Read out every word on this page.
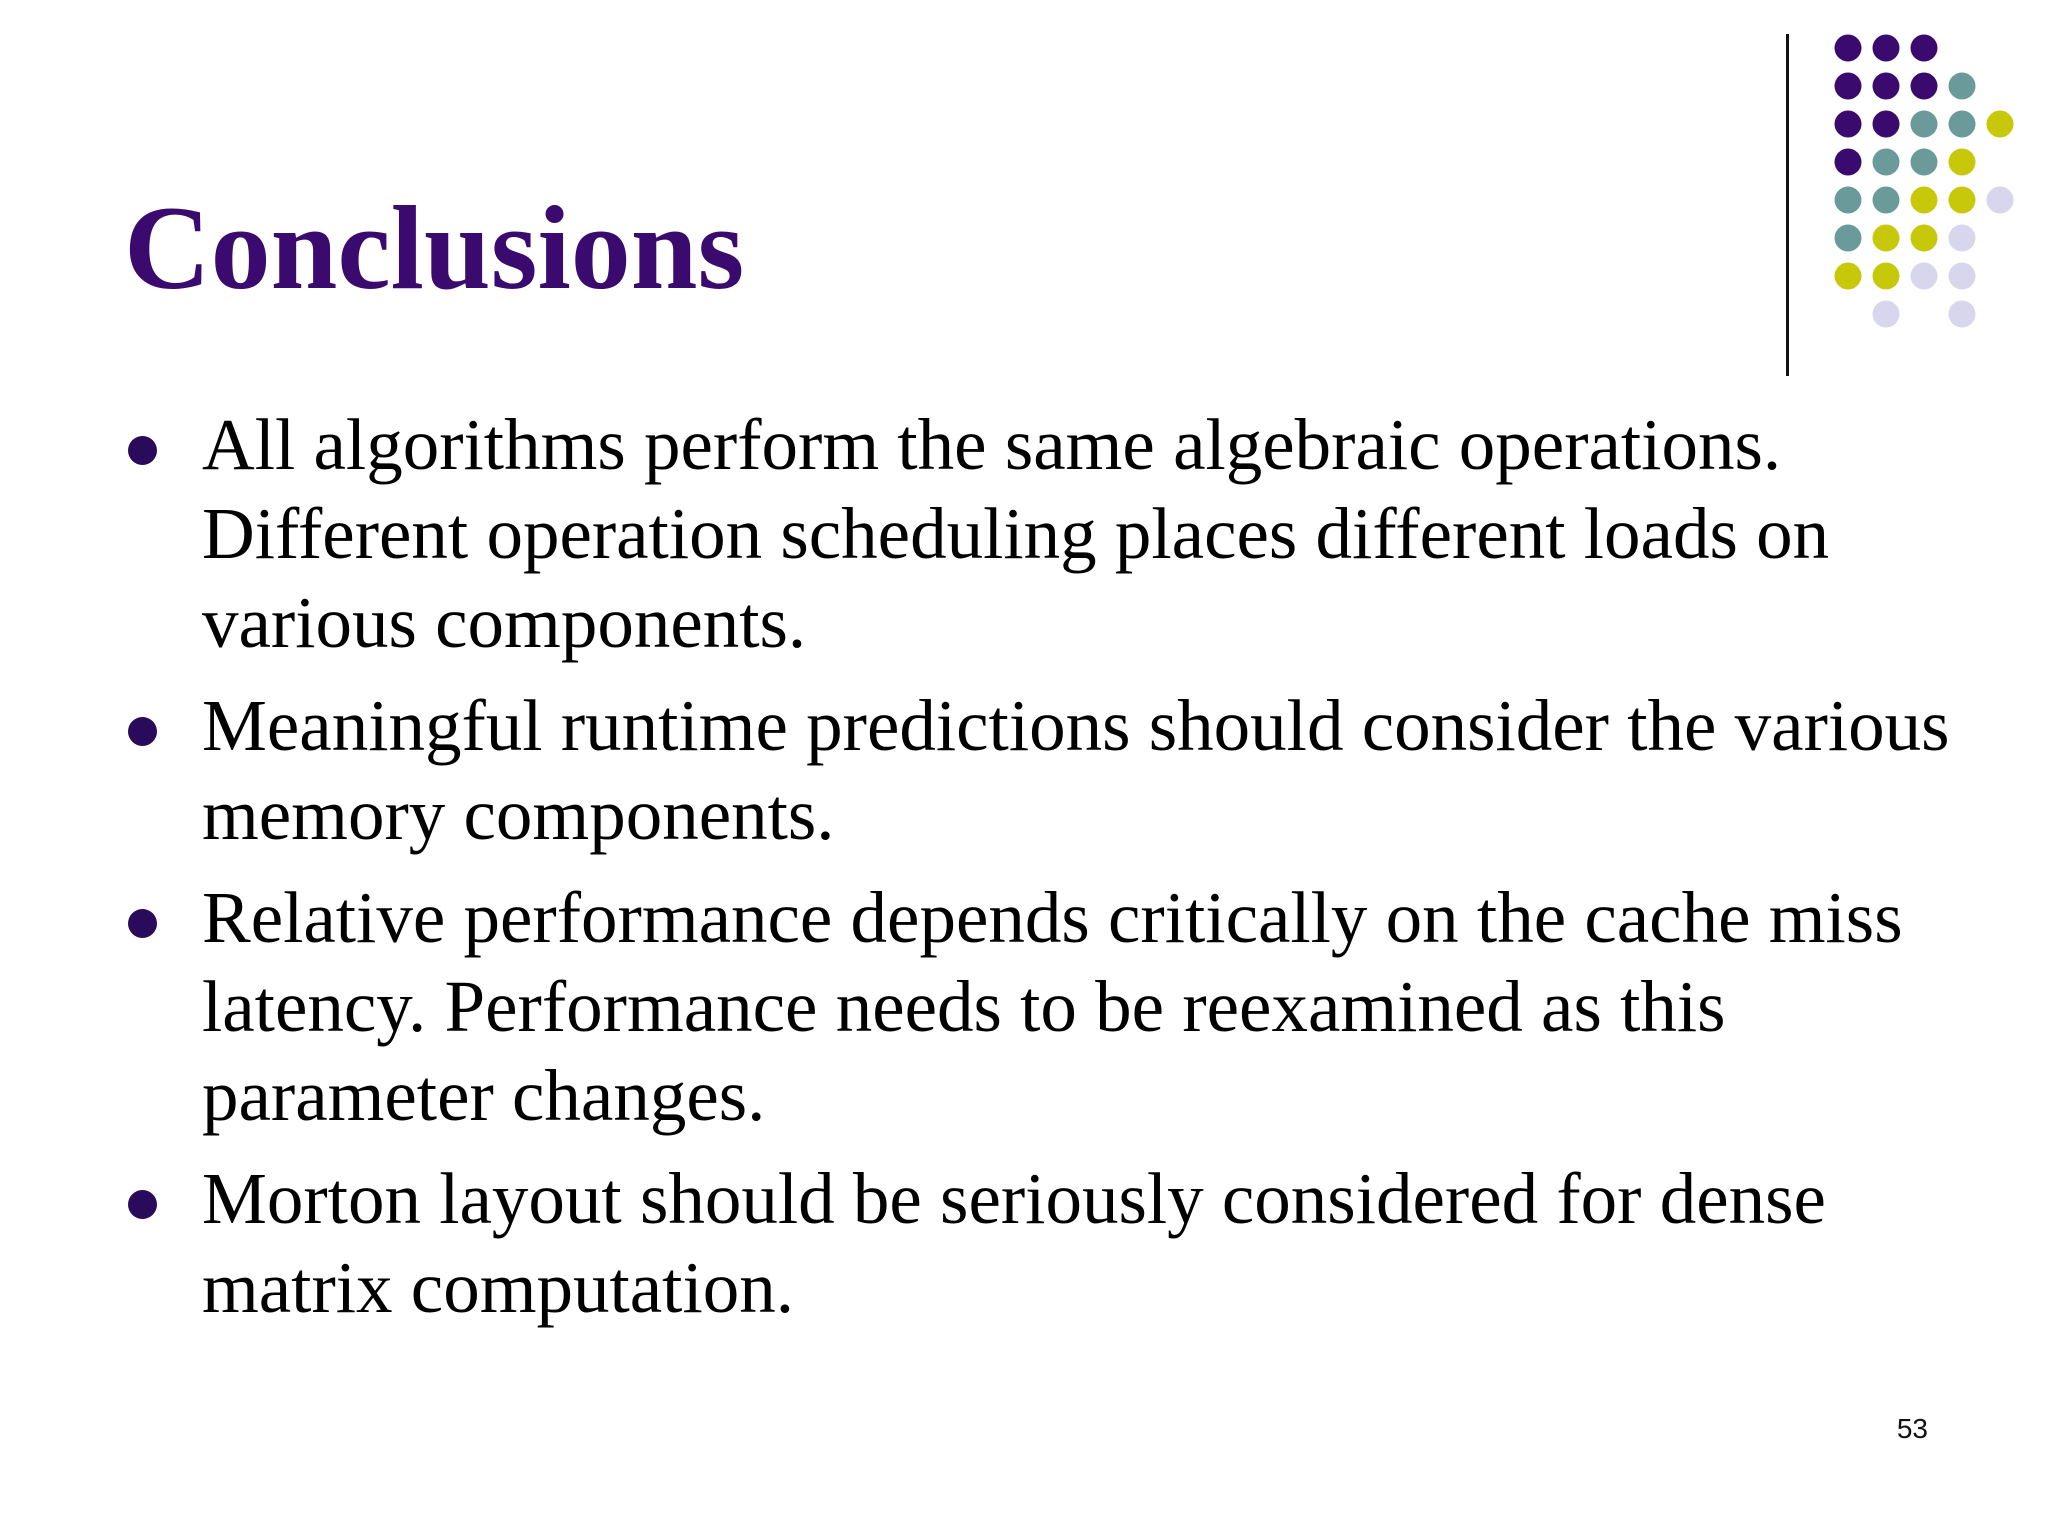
Conclusions
All algorithms perform the same algebraic operations. Different operation scheduling places different loads on various components.
Meaningful runtime predictions should consider the various memory components.
Relative performance depends critically on the cache miss latency. Performance needs to be reexamined as this parameter changes.
Morton layout should be seriously considered for dense matrix computation.
53
